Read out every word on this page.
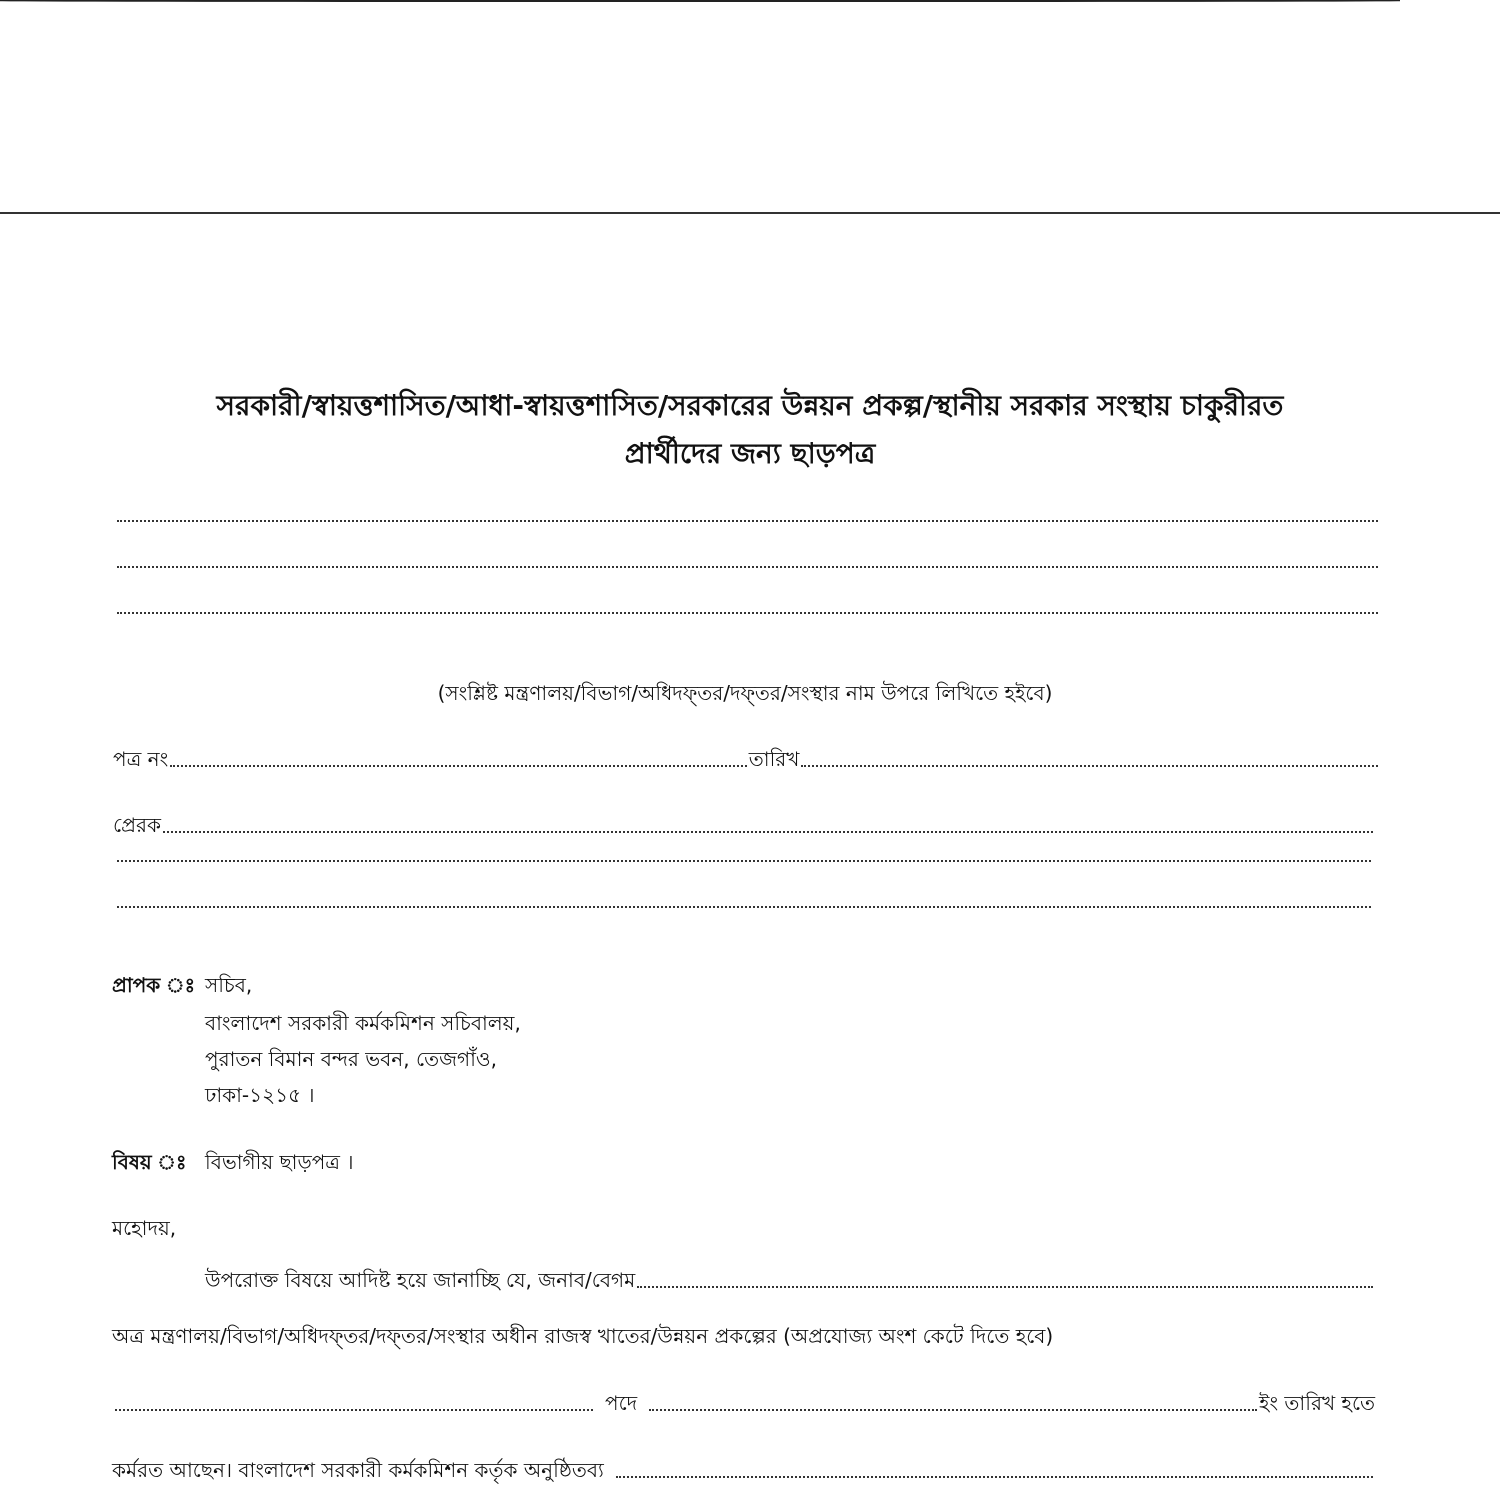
সরকারী/স্বায়ত্তশাসিত/আধা-স্বায়ত্তশাসিত/সরকারের উন্নয়ন প্রকল্প/স্থানীয় সরকার সংস্থায় চাকুরীরত
প্রার্থীদের জন্য ছাড়পত্র
(সংশ্লিষ্ট মন্ত্রণালয়/বিভাগ/অধিদফ্তর/দফ্তর/সংস্থার নাম উপরে লিখিতে হইবে)
পত্র নং	তারিখ
প্রেরক
প্রাপক ঃ সচিব,
বাংলাদেশ সরকারী কর্মকমিশন সচিবালয়,
পুরাতন বিমান বন্দর ভবন, তেজগাঁও,
ঢাকা-১২১৫ ।
বিষয় ঃ বিভাগীয় ছাড়পত্র ।
মহোদয়,
উপরোক্ত বিষয়ে আদিষ্ট হয়ে জানাচ্ছি যে, জনাব/বেগম
অত্র মন্ত্রণালয়/বিভাগ/অধিদফ্তর/দফ্তর/সংস্থার অধীন রাজস্ব খাতের/উন্নয়ন প্রকল্পের (অপ্রযোজ্য অংশ কেটে দিতে হবে)
পদে	ইং তারিখ হতে
কর্মরত আছেন। বাংলাদেশ সরকারী কর্মকমিশন কর্তৃক অনুষ্ঠিতব্য
